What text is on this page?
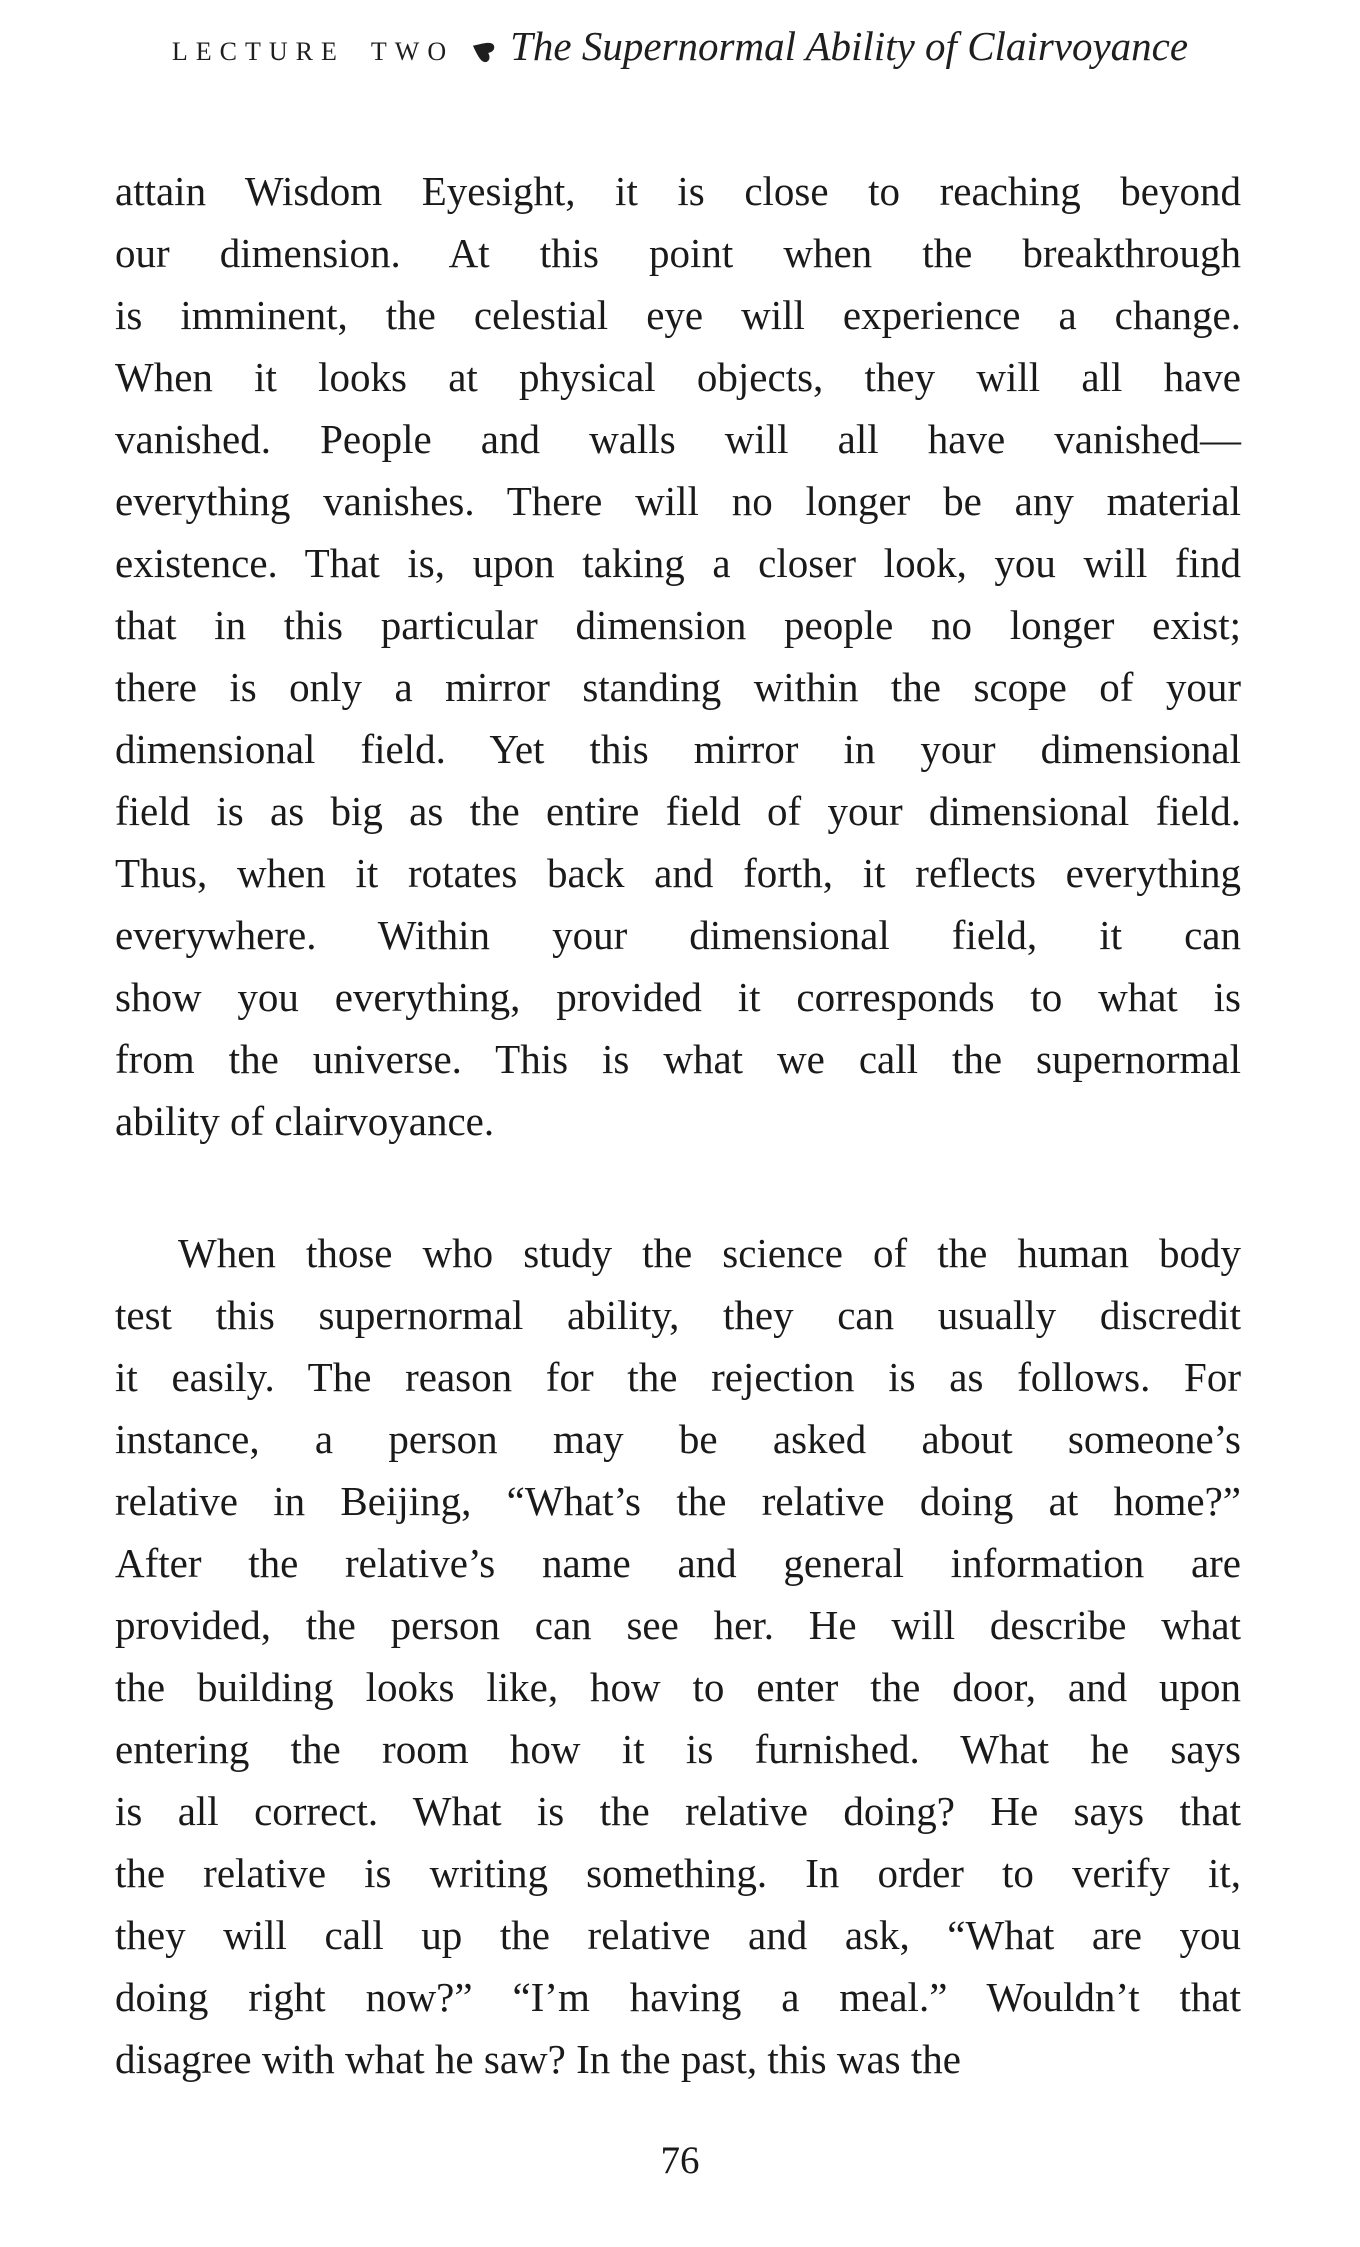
LECTURE TWO The Supernormal Ability of Clairvoyance
attain Wisdom Eyesight, it is close to reaching beyond
our dimension. At this point when the breakthrough
is imminent, the celestial eye will experience a change.
When it looks at physical objects, they will all have
vanished. People and walls will all have vanished—
everything vanishes. There will no longer be any material
existence. That is, upon taking a closer look, you will find
that in this particular dimension people no longer exist;
there is only a mirror standing within the scope of your
dimensional field. Yet this mirror in your dimensional
field is as big as the entire field of your dimensional field.
Thus, when it rotates back and forth, it reflects everything
everywhere. Within your dimensional field, it can
show you everything, provided it corresponds to what is
from the universe. This is what we call the supernormal
ability of clairvoyance.
When those who study the science of the human body
test this supernormal ability, they can usually discredit
it easily. The reason for the rejection is as follows. For
instance, a person may be asked about someone’s
relative in Beijing, “What’s the relative doing at home?”
After the relative’s name and general information are
provided, the person can see her. He will describe what
the building looks like, how to enter the door, and upon
entering the room how it is furnished. What he says
is all correct. What is the relative doing? He says that
the relative is writing something. In order to verify it,
they will call up the relative and ask, “What are you
doing right now?” “I’m having a meal.” Wouldn’t that
disagree with what he saw? In the past, this was the
76
